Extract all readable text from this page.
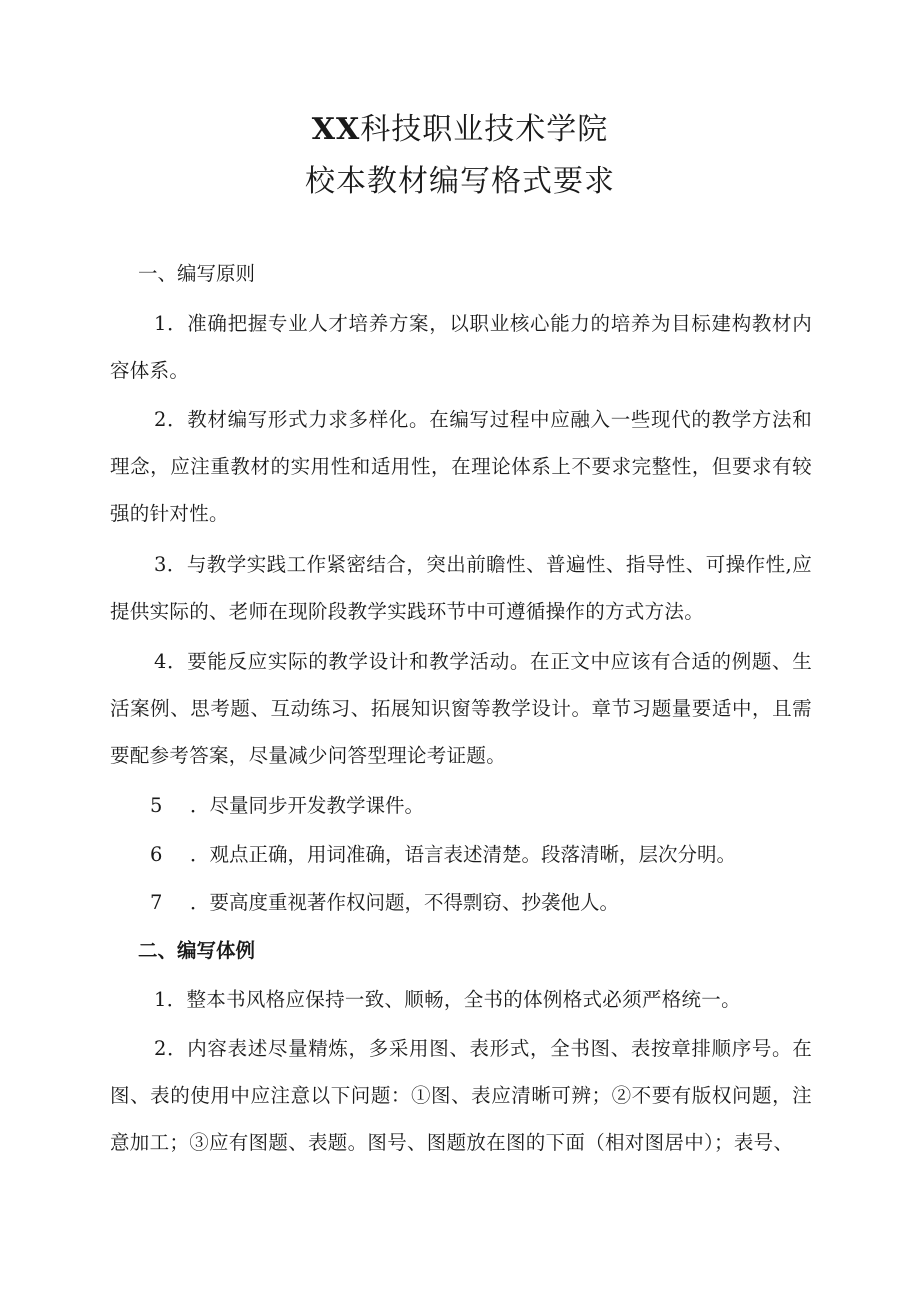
XX科技职业技术学院
校本教材编写格式要求
一、编写原则
1．准确把握专业人才培养方案，以职业核心能力的培养为目标建构教材内容体系。
2．教材编写形式力求多样化。在编写过程中应融入一些现代的教学方法和理念，应注重教材的实用性和适用性，在理论体系上不要求完整性，但要求有较强的针对性。
3．与教学实践工作紧密结合，突出前瞻性、普遍性、指导性、可操作性,应提供实际的、老师在现阶段教学实践环节中可遵循操作的方式方法。
4．要能反应实际的教学设计和教学活动。在正文中应该有合适的例题、生活案例、思考题、互动练习、拓展知识窗等教学设计。章节习题量要适中，且需要配参考答案，尽量减少问答型理论考证题。
5 ．尽量同步开发教学课件。
6 ．观点正确，用词准确，语言表述清楚。段落清晰，层次分明。
7 ．要高度重视著作权问题，不得剽窃、抄袭他人。
二、编写体例
1．整本书风格应保持一致、顺畅，全书的体例格式必须严格统一。
2．内容表述尽量精炼，多采用图、表形式，全书图、表按章排顺序号。在图、表的使用中应注意以下问题：①图、表应清晰可辨；②不要有版权问题，注意加工；③应有图题、表题。图号、图题放在图的下面（相对图居中）；表号、
